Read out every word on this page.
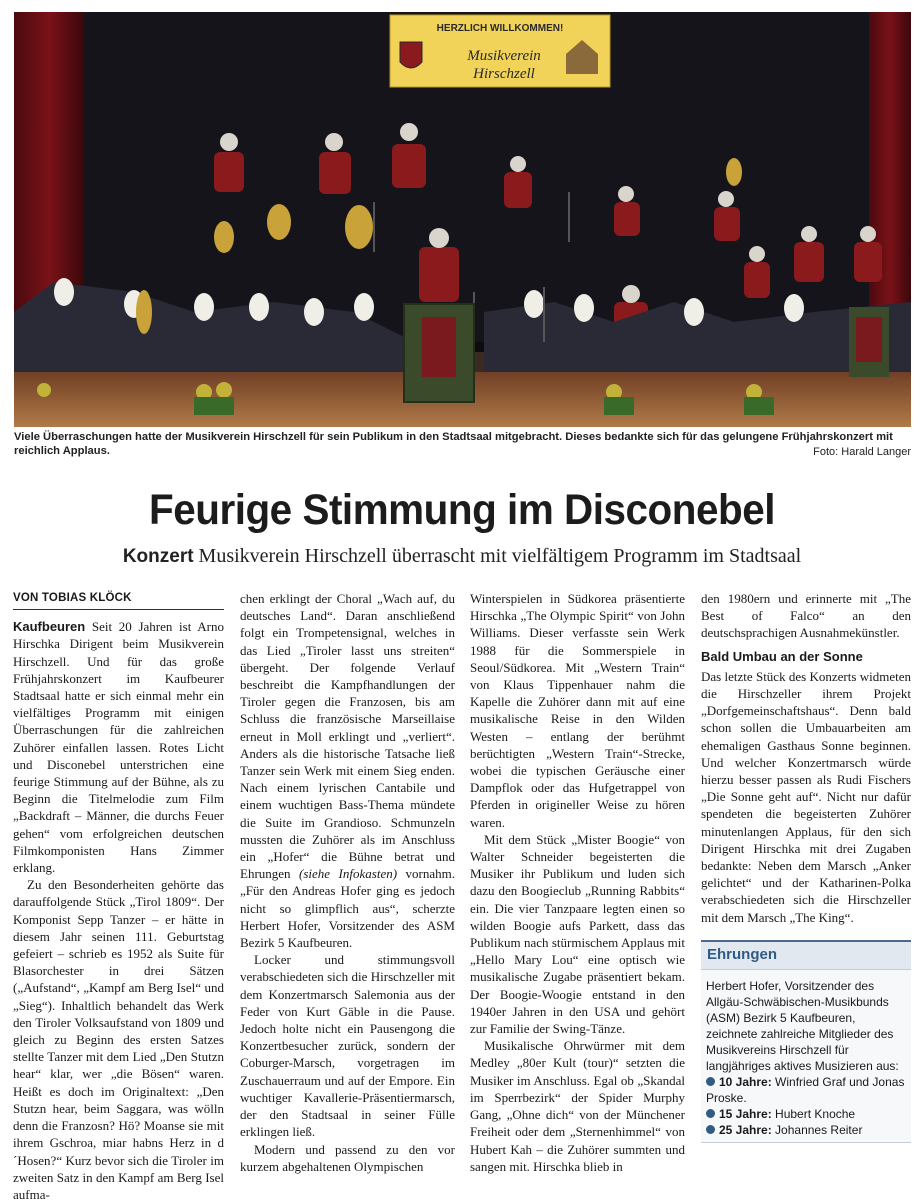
HERZLICH WILLKOMMEN!
Musikverein
Hirschzell
Viele Überraschungen hatte der Musikverein Hirschzell für sein Publikum in den Stadtsaal mitgebracht. Dieses bedankte sich für das gelungene Frühjahrskonzert mit reichlich Applaus.	Foto: Harald Langer
Feurige Stimmung im Disconebel
Konzert Musikverein Hirschzell überrascht mit vielfältigem Programm im Stadtsaal
VON TOBIAS KLÖCK

Kaufbeuren Seit 20 Jahren ist Arno Hirschka Dirigent beim Musikverein Hirschzell. Und für das große Frühjahrskonzert im Kaufbeurer Stadtsaal hatte er sich einmal mehr ein vielfältiges Programm mit einigen Überraschungen für die zahlreichen Zuhörer einfallen lassen. Rotes Licht und Disconebel unterstrichen eine feurige Stimmung auf der Bühne, als zu Beginn die Titelmelodie zum Film „Backdraft – Männer, die durchs Feuer gehen“ vom erfolgreichen deutschen Filmkomponisten Hans Zimmer erklang.

Zu den Besonderheiten gehörte das darauffolgende Stück „Tirol 1809“. Der Komponist Sepp Tanzer – er hätte in diesem Jahr seinen 111. Geburtstag gefeiert – schrieb es 1952 als Suite für Blasorchester in drei Sätzen („Aufstand“, „Kampf am Berg Isel“ und „Sieg“). Inhaltlich behandelt das Werk den Tiroler Volksaufstand von 1809 und gleich zu Beginn des ersten Satzes stellte Tanzer mit dem Lied „Den Stutzn hear“ klar, wer „die Bösen“ waren. Heißt es doch im Originaltext: „Den Stutzn hear, beim Saggara, was wölln denn die Franzosn? Hö? Moanse sie mit ihrem Gschroa, miar habns Herz in d´Hosen?“ Kurz bevor sich die Tiroler im zweiten Satz in den Kampf am Berg Isel aufma-

chen erklingt der Choral „Wach auf, du deutsches Land“. Daran anschließend folgt ein Trompetensignal, welches in das Lied „Tiroler lasst uns streiten“ übergeht. Der folgende Verlauf beschreibt die Kampfhandlungen der Tiroler gegen die Franzosen, bis am Schluss die französische Marseillaise erneut in Moll erklingt und „verliert“. Anders als die historische Tatsache ließ Tanzer sein Werk mit einem Sieg enden. Nach einem lyrischen Cantabile und einem wuchtigen Bass-Thema mündete die Suite im Grandioso. Schmunzeln mussten die Zuhörer als im Anschluss ein „Hofer“ die Bühne betrat und Ehrungen (siehe Infokasten) vornahm. „Für den Andreas Hofer ging es jedoch nicht so glimpflich aus“, scherzte Herbert Hofer, Vorsitzender des ASM Bezirk 5 Kaufbeuren.

Locker und stimmungsvoll verabschiedeten sich die Hirschzeller mit dem Konzertmarsch Salemonia aus der Feder von Kurt Gäble in die Pause. Jedoch holte nicht ein Pausengong die Konzertbesucher zurück, sondern der Coburger-Marsch, vorgetragen im Zuschauerraum und auf der Empore. Ein wuchtiger Kavallerie-Präsentiermarsch, der den Stadtsaal in seiner Fülle erklingen ließ.

Modern und passend zu den vor kurzem abgehaltenen Olympischen

Winterspielen in Südkorea präsentierte Hirschka „The Olympic Spirit“ von John Williams. Dieser verfasste sein Werk 1988 für die Sommerspiele in Seoul/Südkorea. Mit „Western Train“ von Klaus Tippenhauer nahm die Kapelle die Zuhörer dann mit auf eine musikalische Reise in den Wilden Westen – entlang der berühmt berüchtigten „Western Train“-Strecke, wobei die typischen Geräusche einer Dampflok oder das Hufgetrappel von Pferden in origineller Weise zu hören waren.

Mit dem Stück „Mister Boogie“ von Walter Schneider begeisterten die Musiker ihr Publikum und luden sich dazu den Boogieclub „Running Rabbits“ ein. Die vier Tanzpaare legten einen so wilden Boogie aufs Parkett, dass das Publikum nach stürmischem Applaus mit „Hello Mary Lou“ eine optisch wie musikalische Zugabe präsentiert bekam. Der Boogie-Woogie entstand in den 1940er Jahren in den USA und gehört zur Familie der Swing-Tänze.

Musikalische Ohrwürmer mit dem Medley „80er Kult (tour)“ setzten die Musiker im Anschluss. Egal ob „Skandal im Sperrbezirk“ der Spider Murphy Gang, „Ohne dich“ von der Münchener Freiheit oder dem „Sternenhimmel“ von Hubert Kah – die Zuhörer summten und sangen mit. Hirschka blieb in

den 1980ern und erinnerte mit „The Best of Falco“ an den deutschsprachigen Ausnahmekünstler.

Bald Umbau an der Sonne

Das letzte Stück des Konzerts widmeten die Hirschzeller ihrem Projekt „Dorfgemeinschaftshaus“. Denn bald schon sollen die Umbauarbeiten am ehemaligen Gasthaus Sonne beginnen. Und welcher Konzertmarsch würde hierzu besser passen als Rudi Fischers „Die Sonne geht auf“. Nicht nur dafür spendeten die begeisterten Zuhörer minutenlangen Applaus, für den sich Dirigent Hirschka mit drei Zugaben bedankte: Neben dem Marsch „Anker gelichtet“ und der Katharinen-Polka verabschiedeten sich die Hirschzeller mit dem Marsch „The King“.

Ehrungen
Herbert Hofer, Vorsitzender des Allgäu-Schwäbischen-Musikbunds (ASM) Bezirk 5 Kaufbeuren, zeichnete zahlreiche Mitglieder des Musikvereins Hirschzell für langjähriges aktives Musizieren aus:
10 Jahre: Winfried Graf und Jonas Proske.
15 Jahre: Hubert Knoche
25 Jahre: Johannes Reiter
